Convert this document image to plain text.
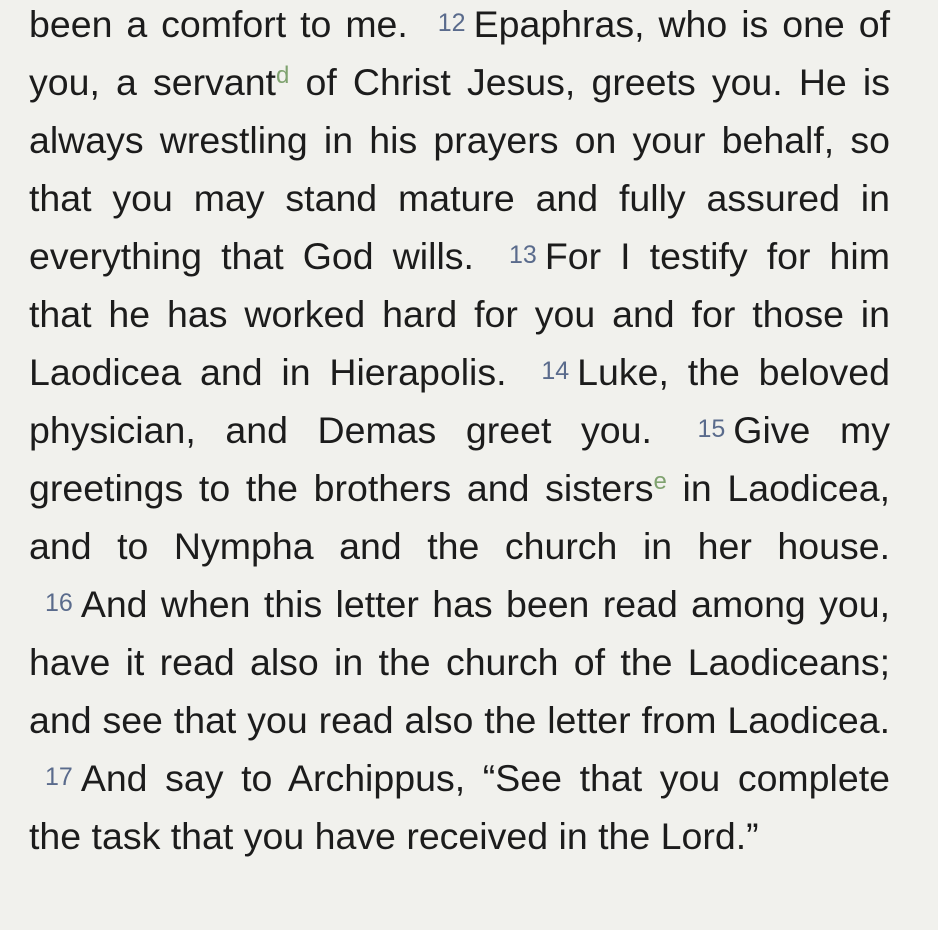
been a comfort to me. 12 Epaphras, who is one of you, a servant$^d$ of Christ Jesus, greets you. He is always wrestling in his prayers on your behalf, so that you may stand mature and fully assured in everything that God wills. 13 For I testify for him that he has worked hard for you and for those in Laodicea and in Hierapolis. 14 Luke, the beloved physician, and Demas greet you. 15 Give my greetings to the brothers and sisters$^e$ in Laodicea, and to Nympha and the church in her house. 16 And when this letter has been read among you, have it read also in the church of the Laodiceans; and see that you read also the letter from Laodicea. 17 And say to Archippus, “See that you complete the task that you have received in the Lord.”
